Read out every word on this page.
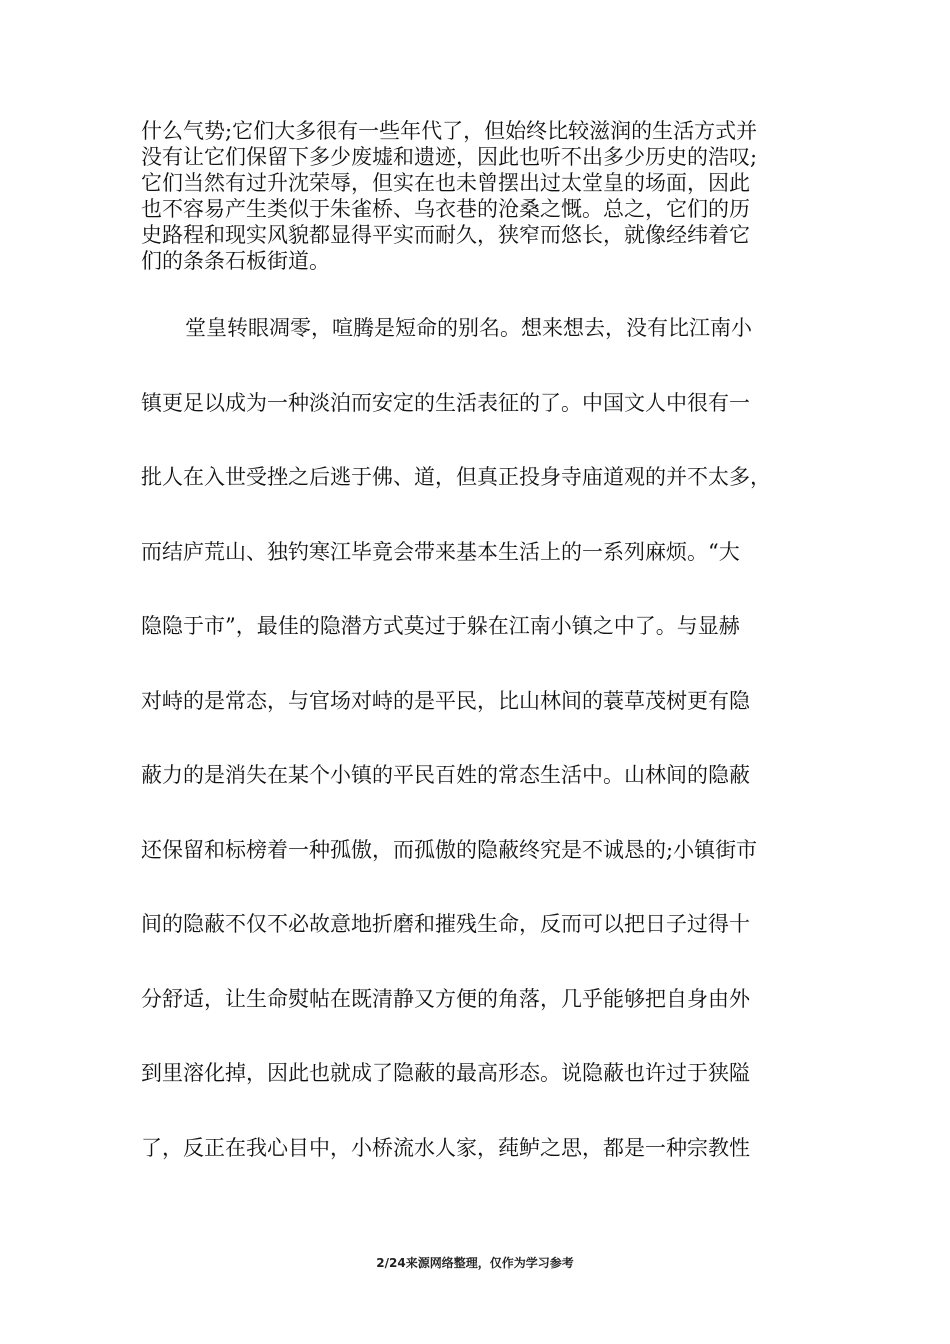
什么气势;它们大多很有一些年代了，但始终比较滋润的生活方式并
没有让它们保留下多少废墟和遗迹，因此也听不出多少历史的浩叹;
它们当然有过升沈荣辱，但实在也未曾摆出过太堂皇的场面，因此
也不容易产生类似于朱雀桥、乌衣巷的沧桑之慨。总之，它们的历
史路程和现实风貌都显得平实而耐久，狭窄而悠长，就像经纬着它
们的条条石板街道。
堂皇转眼凋零，喧腾是短命的别名。想来想去，没有比江南小
镇更足以成为一种淡泊而安定的生活表征的了。中国文人中很有一
批人在入世受挫之后逃于佛、道，但真正投身寺庙道观的并不太多，
而结庐荒山、独钓寒江毕竟会带来基本生活上的一系列麻烦。“大
隐隐于市”，最佳的隐潜方式莫过于躲在江南小镇之中了。与显赫
对峙的是常态，与官场对峙的是平民，比山林间的蓑草茂树更有隐
蔽力的是消失在某个小镇的平民百姓的常态生活中。山林间的隐蔽
还保留和标榜着一种孤傲，而孤傲的隐蔽终究是不诚恳的;小镇街市
间的隐蔽不仅不必故意地折磨和摧残生命，反而可以把日子过得十
分舒适，让生命熨帖在既清静又方便的角落，几乎能够把自身由外
到里溶化掉，因此也就成了隐蔽的最高形态。说隐蔽也许过于狭隘
了，反正在我心目中，小桥流水人家，莼鲈之思，都是一种宗教性
2/24来源网络整理，仅作为学习参考
